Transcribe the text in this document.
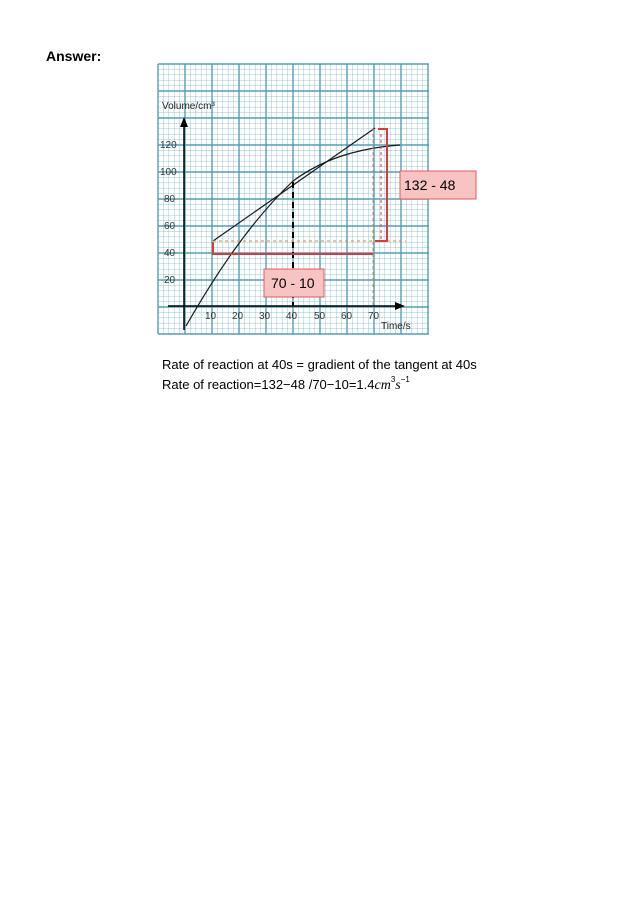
Answer:
Volume/cm³
Time/s
20
40
60
80
100
120
10 20 30 40 50 60 70
132 - 48
70 - 10
Rate of reaction at 40s = gradient of the tangent at 40s
Rate of reaction=132−48 $/70-10=1.4cm^3s^{-1}$
